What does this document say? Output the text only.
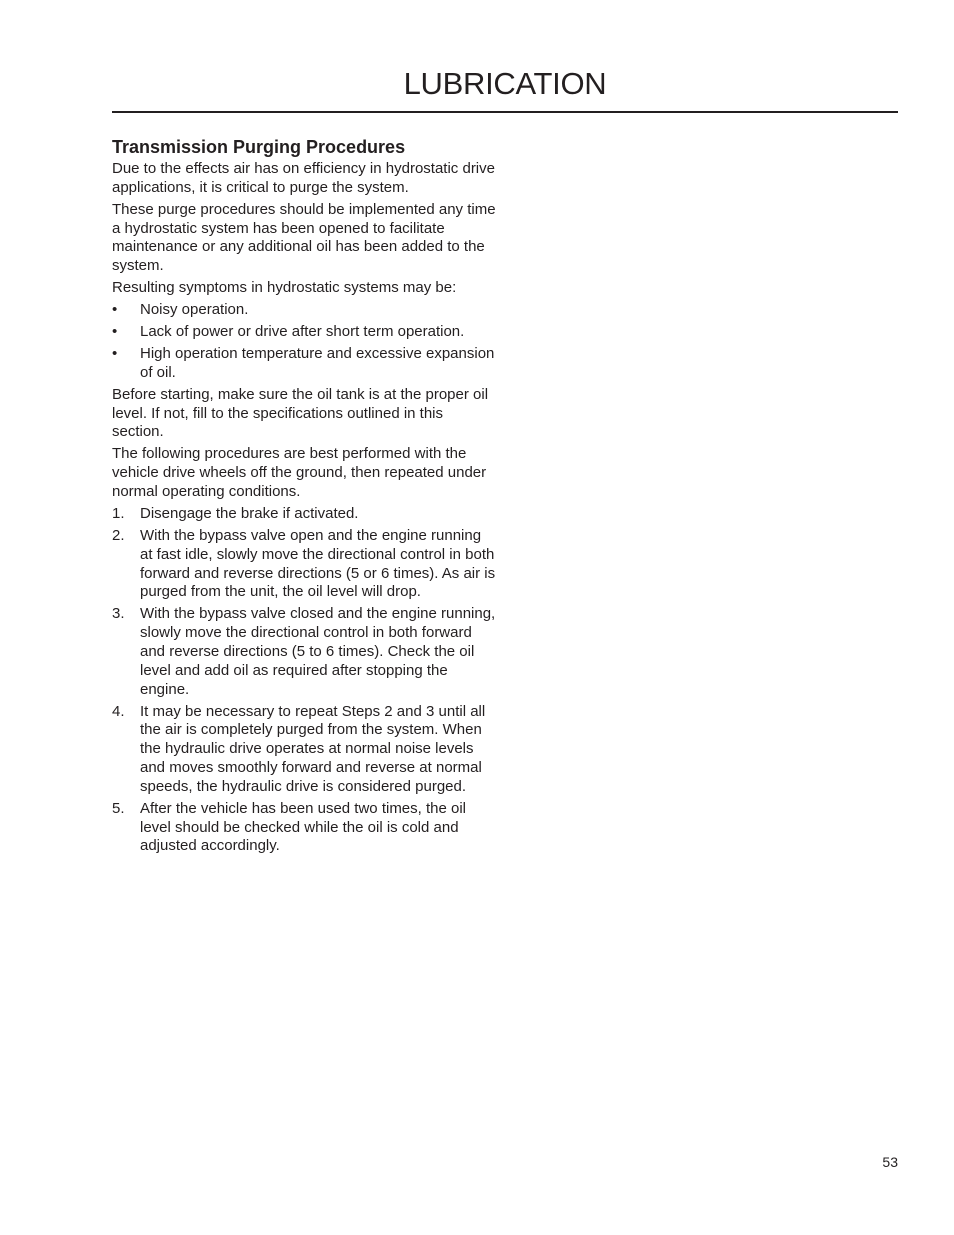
LUBRICATION
Transmission Purging Procedures

Due to the effects air has on efficiency in hydrostatic drive applications, it is critical to purge the system.

These purge procedures should be implemented any time a hydrostatic system has been opened to facilitate maintenance or any additional oil has been added to the system.

Resulting symptoms in hydrostatic systems may be:

• Noisy operation.
• Lack of power or drive after short term operation.
• High operation temperature and excessive expansion of oil.

Before starting, make sure the oil tank is at the proper oil level. If not, fill to the specifications outlined in this section.

The following procedures are best performed with the vehicle drive wheels off the ground, then repeated under normal operating conditions.

1. Disengage the brake if activated.
2. With the bypass valve open and the engine running at fast idle, slowly move the directional control in both forward and reverse directions (5 or 6 times). As air is purged from the unit, the oil level will drop.
3. With the bypass valve closed and the engine running, slowly move the directional control in both forward and reverse directions (5 to 6 times). Check the oil level and add oil as required after stopping the engine.
4. It may be necessary to repeat Steps 2 and 3 until all the air is completely purged from the system. When the hydraulic drive operates at normal noise levels and moves smoothly forward and reverse at normal speeds, the hydraulic drive is considered purged.
5. After the vehicle has been used two times, the oil level should be checked while the oil is cold and adjusted accordingly.
53
